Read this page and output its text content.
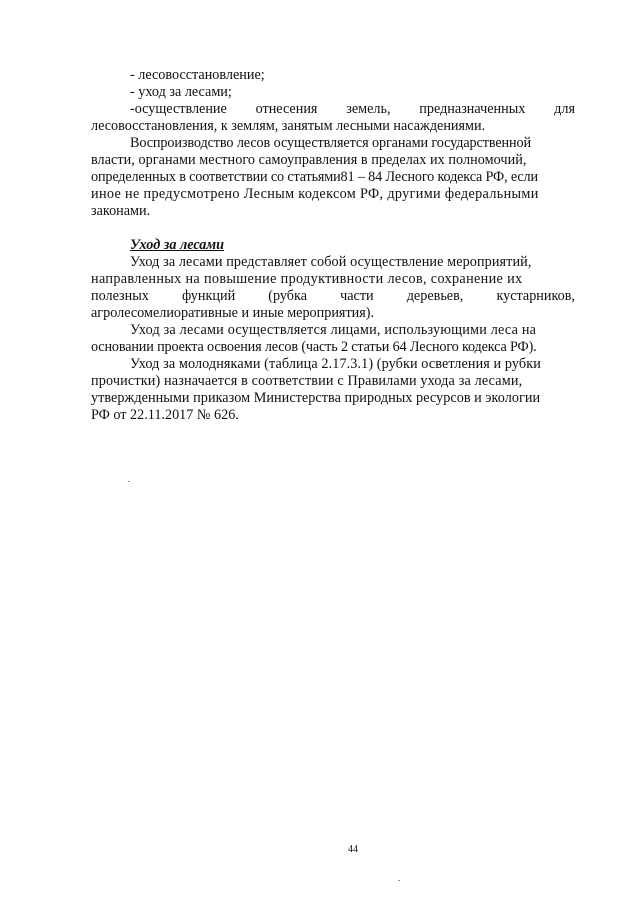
- лесовосстановление;
- уход за лесами;
-осуществление отнесения земель, предназначенных для
лесовосстановления, к землям, занятым лесными насаждениями.
Воспроизводство лесов осуществляется органами государственной
власти, органами местного самоуправления в пределах их полномочий,
определенных в соответствии со статьями81 – 84 Лесного кодекса РФ, если
иное не предусмотрено Лесным кодексом РФ, другими федеральными
законами.
Уход за лесами
Уход за лесами представляет собой осуществление мероприятий,
направленных на повышение продуктивности лесов, сохранение их
полезных функций (рубка части деревьев, кустарников,
агролесомелиоративные и иные мероприятия).
Уход за лесами осуществляется лицами, использующими леса на
основании проекта освоения лесов (часть 2 статьи 64 Лесного кодекса РФ).
Уход за молодняками (таблица 2.17.3.1) (рубки осветления и рубки
прочистки) назначается в соответствии с Правилами ухода за лесами,
утвержденными приказом Министерства природных ресурсов и экологии
РФ от 22.11.2017 № 626.
44
